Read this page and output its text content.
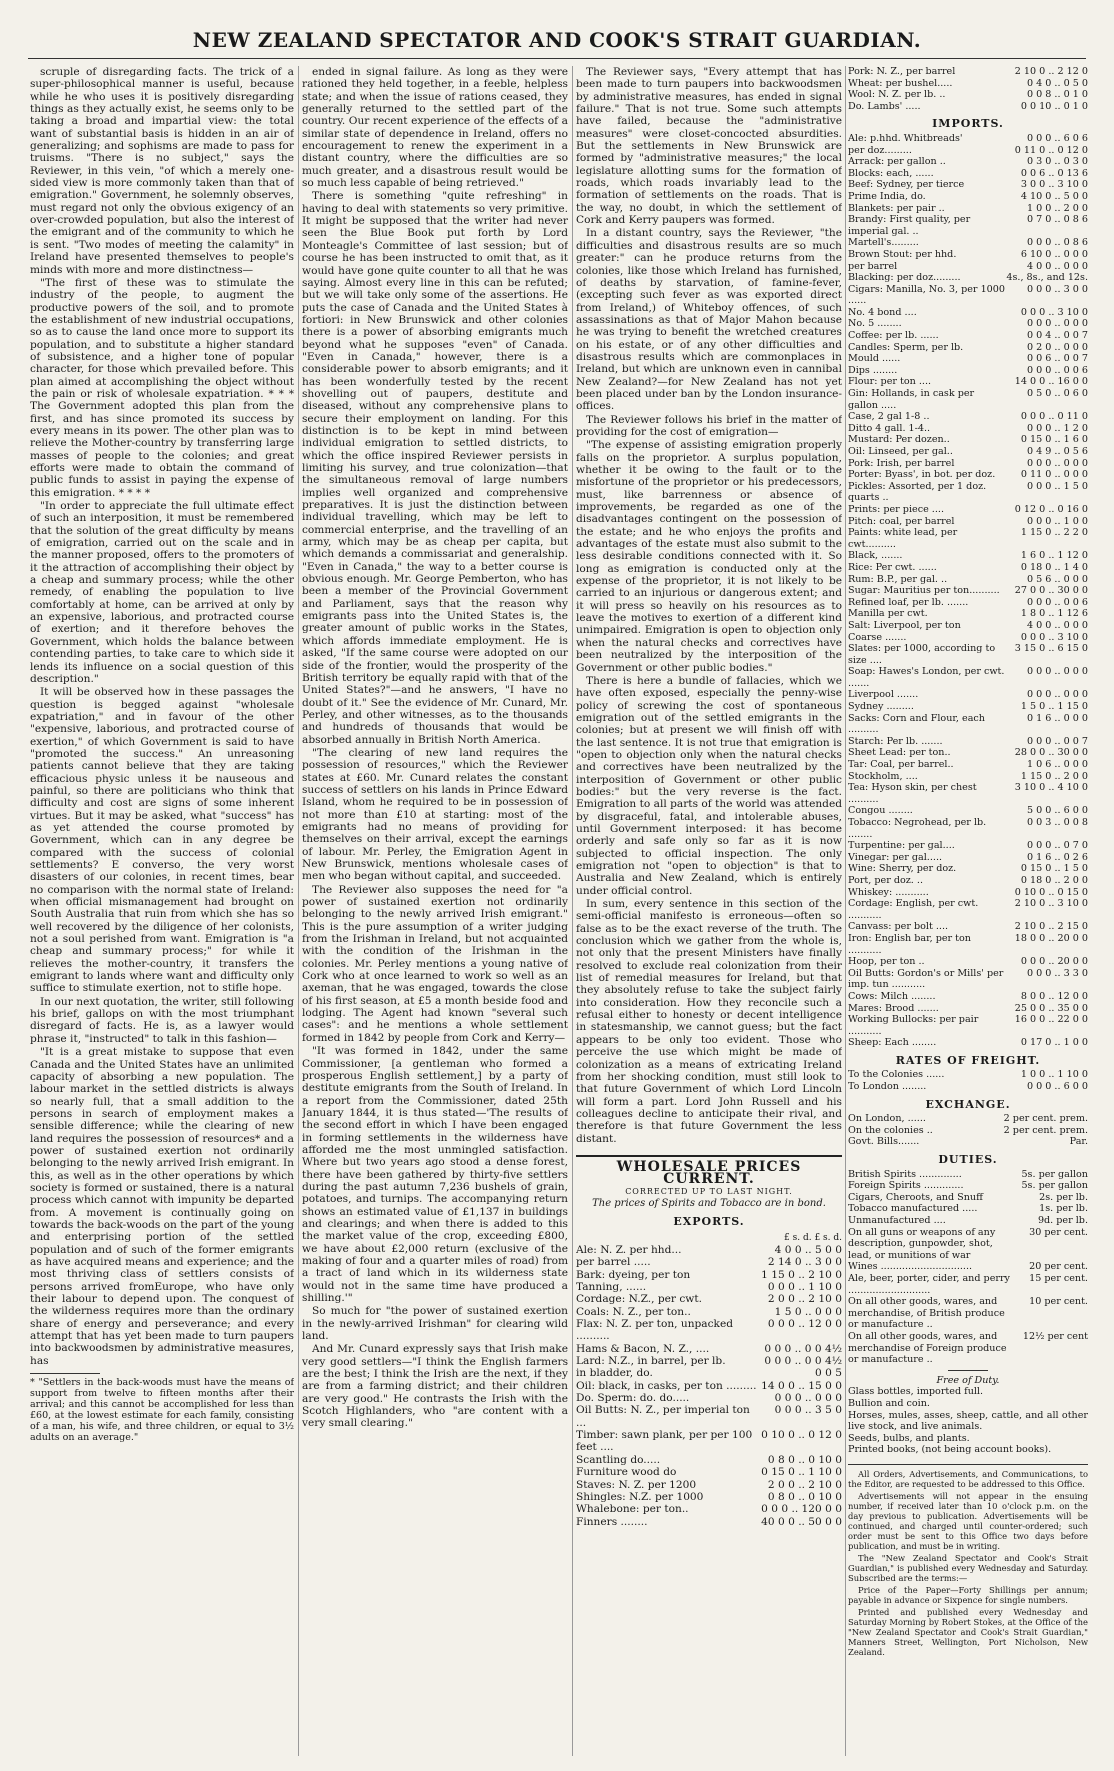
NEW ZEALAND SPECTATOR AND COOK'S STRAIT GUARDIAN.

scruple of disregarding facts. The trick of a super-philosophical manner is useful, because while he who uses it is positively disregarding things as they actually exist, he seems only to be taking a broad and impartial view: the total want of substantial basis is hidden in an air of generalizing; and sophisms are made to pass for truisms. "There is no subject," says the Reviewer, in this vein, "of which a merely one-sided view is more commonly taken than that of emigration." Government, he solemnly observes, must regard not only the obvious exigency of an over-crowded population, but also the interest of the emigrant and of the community to which he is sent. "Two modes of meeting the calamity" in Ireland have presented themselves to people's minds with more and more distinctness—

"The first of these was to stimulate the industry of the people, to augment the productive powers of the soil, and to promote the establishment of new industrial occupations, so as to cause the land once more to support its population, and to substitute a higher standard of subsistence, and a higher tone of popular character, for those which prevailed before. This plan aimed at accomplishing the object without the pain or risk of wholesale expatriation. * * * The Government adopted this plan from the first, and has since promoted its success by every means in its power. The other plan was to relieve the Mother-country by transferring large masses of people to the colonies; and great efforts were made to obtain the command of public funds to assist in paying the expense of this emigration. * * * *

"In order to appreciate the full ultimate effect of such an interposition, it must be remembered that the solution of the great difficulty by means of emigration, carried out on the scale and in the manner proposed, offers to the promoters of it the attraction of accomplishing their object by a cheap and summary process; while the other remedy, of enabling the population to live comfortably at home, can be arrived at only by an expensive, laborious, and protracted course of exertion; and it therefore behoves the Government, which holds the balance between contending parties, to take care to which side it lends its influence on a social question of this description."

It will be observed how in these passages the question is begged against "wholesale expatriation," and in favour of the other "expensive, laborious, and protracted course of exertion," of which Government is said to have "promoted the success." An unreasoning patients cannot believe that they are taking efficacious physic unless it be nauseous and painful, so there are politicians who think that difficulty and cost are signs of some inherent virtues. But it may be asked, what "success" has as yet attended the course promoted by Government, which can in any degree be compared with the success of colonial settlements? E converso, the very worst disasters of our colonies, in recent times, bear no comparison with the normal state of Ireland: when official mismanagement had brought on South Australia that ruin from which she has so well recovered by the diligence of her colonists, not a soul perished from want. Emigration is "a cheap and summary process;" for while it relieves the mother-country, it transfers the emigrant to lands where want and difficulty only suffice to stimulate exertion, not to stifle hope.

In our next quotation, the writer, still following his brief, gallops on with the most triumphant disregard of facts. He is, as a lawyer would phrase it, "instructed" to talk in this fashion—

"It is a great mistake to suppose that even Canada and the United States have an unlimited capacity of absorbing a new population. The labour market in the settled districts is always so nearly full, that a small addition to the persons in search of employment makes a sensible difference; while the clearing of new land requires the possession of resources* and a power of sustained exertion not ordinarily belonging to the newly arrived Irish emigrant. In this, as well as in the other operations by which society is formed or sustained, there is a natural process which cannot with impunity be departed from. A movement is continually going on towards the back-woods on the part of the young and enterprising portion of the settled population and of such of the former emigrants as have acquired means and experience; and the most thriving class of settlers consists of persons arrived fromEurope, who have only their labour to depend upon. The conquest of the wilderness requires more than the ordinary share of energy and perseverance; and every attempt that has yet been made to turn paupers into backwoodsmen by administrative measures, has

* "Settlers in the back-woods must have the means of support from twelve to fifteen months after their arrival; and this cannot be accomplished for less than £60, at the lowest estimate for each family, consisting of a man, his wife, and three children, or equal to 3½ adults on an average."

ended in signal failure. As long as they were rationed they held together, in a feeble, helpless state; and when the issue of rations ceased, they generally returned to the settled part of the country. Our recent experience of the effects of a similar state of dependence in Ireland, offers no encouragement to renew the experiment in a distant country, where the difficulties are so much greater, and a disastrous result would be so much less capable of being retrieved."

There is something "quite refreshing" in having to deal with statements so very primitive. It might be supposed that the writer had never seen the Blue Book put forth by Lord Monteagle's Committee of last session; but of course he has been instructed to omit that, as it would have gone quite counter to all that he was saying. Almost every line in this can be refuted; but we will take only some of the assertions. He puts the case of Canada and the United States à fortiori: in New Brunswick and other colonies there is a power of absorbing emigrants much beyond what he supposes "even" of Canada. "Even in Canada," however, there is a considerable power to absorb emigrants; and it has been wonderfully tested by the recent shovelling out of paupers, destitute and diseased, without any comprehensive plans to secure their employment on landing. For this distinction is to be kept in mind between individual emigration to settled districts, to which the office inspired Reviewer persists in limiting his survey, and true colonization—that the simultaneous removal of large numbers implies well organized and comprehensive preparatives. It is just the distinction between individual travelling, which may be left to commercial enterprise, and the travelling of an army, which may be as cheap per capita, but which demands a commissariat and generalship. "Even in Canada," the way to a better course is obvious enough. Mr. George Pemberton, who has been a member of the Provincial Government and Parliament, says that the reason why emigrants pass into the United States is, the greater amount of public works in the States, which affords immediate employment. He is asked, "If the same course were adopted on our side of the frontier, would the prosperity of the British territory be equally rapid with that of the United States?"—and he answers, "I have no doubt of it." See the evidence of Mr. Cunard, Mr. Perley, and other witnesses, as to the thousands and hundreds of thousands that would be absorbed annually in British North America.

"The clearing of new land requires the possession of resources," which the Reviewer states at £60. Mr. Cunard relates the constant success of settlers on his lands in Prince Edward Island, whom he required to be in possession of not more than £10 at starting: most of the emigrants had no means of providing for themselves on their arrival, except the earnings of labour. Mr. Perley, the Emigration Agent in New Brunswick, mentions wholesale cases of men who began without capital, and succeeded.

The Reviewer also supposes the need for "a power of sustained exertion not ordinarily belonging to the newly arrived Irish emigrant." This is the pure assumption of a writer judging from the Irishman in Ireland, but not acquainted with the condition of the Irishman in the colonies. Mr. Perley mentions a young native of Cork who at once learned to work so well as an axeman, that he was engaged, towards the close of his first season, at £5 a month beside food and lodging. The Agent had known "several such cases": and he mentions a whole settlement formed in 1842 by people from Cork and Kerry—

"It was formed in 1842, under the same Commissioner, [a gentleman who formed a prosperous English settlement,] by a party of destitute emigrants from the South of Ireland. In a report from the Commissioner, dated 25th January 1844, it is thus stated—'The results of the second effort in which I have been engaged in forming settlements in the wilderness have afforded me the most unmingled satisfaction. Where but two years ago stood a dense forest, there have been gathered by thirty-five settlers during the past autumn 7,236 bushels of grain, potatoes, and turnips. The accompanying return shows an estimated value of £1,137 in buildings and clearings; and when there is added to this the market value of the crop, exceeding £800, we have about £2,000 return (exclusive of the making of four and a quarter miles of road) from a tract of land which in its wilderness state would not in the same time have produced a shilling.'"

So much for "the power of sustained exertion in the newly-arrived Irishman" for clearing wild land.

And Mr. Cunard expressly says that Irish make very good settlers—"I think the English farmers are the best; I think the Irish are the next, if they are from a farming district; and their children are very good." He contrasts the Irish with the Scotch Highlanders, who "are content with a very small clearing."

The Reviewer says, "Every attempt that has been made to turn paupers into backwoodsmen by administrative measures, has ended in signal failure." That is not true. Some such attempts have failed, because the "administrative measures" were closet-concocted absurdities. But the settlements in New Brunswick are formed by "administrative measures;" the local legislature allotting sums for the formation of roads, which roads invariably lead to the formation of settlements on the roads. That is the way, no doubt, in which the settlement of Cork and Kerry paupers was formed.

In a distant country, says the Reviewer, "the difficulties and disastrous results are so much greater:" can he produce returns from the colonies, like those which Ireland has furnished, of deaths by starvation, of famine-fever, (excepting such fever as was exported direct from Ireland,) of Whiteboy offences, of such assassinations as that of Major Mahon because he was trying to benefit the wretched creatures on his estate, or of any other difficulties and disastrous results which are commonplaces in Ireland, but which are unknown even in cannibal New Zealand?—for New Zealand has not yet been placed under ban by the London insurance-offices.

The Reviewer follows his brief in the matter of providing for the cost of emigration—

"The expense of assisting emigration properly falls on the proprietor. A surplus population, whether it be owing to the fault or to the misfortune of the proprietor or his predecessors, must, like barrenness or absence of improvements, be regarded as one of the disadvantages contingent on the possession of the estate; and he who enjoys the profits and advantages of the estate must also submit to the less desirable conditions connected with it. So long as emigration is conducted only at the expense of the proprietor, it is not likely to be carried to an injurious or dangerous extent; and it will press so heavily on his resources as to leave the motives to exertion of a different kind unimpaired. Emigration is open to objection only when the natural checks and correctives have been neutralized by the interposition of the Government or other public bodies."

There is here a bundle of fallacies, which we have often exposed, especially the penny-wise policy of screwing the cost of spontaneous emigration out of the settled emigrants in the colonies; but at present we will finish off with the last sentence. It is not true that emigration is "open to objection only when the natural checks and correctives have been neutralized by the interposition of Government or other public bodies:" but the very reverse is the fact. Emigration to all parts of the world was attended by disgraceful, fatal, and intolerable abuses, until Government interposed: it has become orderly and safe only so far as it is now subjected to official inspection. The only emigration not "open to objection" is that to Australia and New Zealand, which is entirely under official control.

In sum, every sentence in this section of the semi-official manifesto is erroneous—often so false as to be the exact reverse of the truth. The conclusion which we gather from the whole is, not only that the present Ministers have finally resolved to exclude real colonization from their list of remedial measures for Ireland, but that they absolutely refuse to take the subject fairly into consideration. How they reconcile such a refusal either to honesty or decent intelligence in statesmanship, we cannot guess; but the fact appears to be only too evident. Those who perceive the use which might be made of colonization as a means of extricating Ireland from her shocking condition, must still look to that future Government of which Lord Lincoln will form a part. Lord John Russell and his colleagues decline to anticipate their rival, and therefore is that future Government the less distant.

WHOLESALE PRICES CURRENT.
CORRECTED UP TO LAST NIGHT.
The prices of Spirits and Tobacco are in bond.
EXPORTS.
£ s. d. £ s. d.
Ale: N. Z. per hhd...	4 0 0 .. 5 0 0
per barrel .....	2 14 0 .. 3 0 0
Bark: dyeing, per ton	1 15 0 .. 2 10 0
Tanning, ......	0 0 0 .. 1 10 0
Cordage: N.Z., per cwt.	2 0 0 .. 2 10 0
Coals: N. Z., per ton..	1 5 0 .. 0 0 0
Flax: N. Z. per ton, unpacked ..........	0 0 0 .. 12 0 0
Hams & Bacon, N. Z., ....	0 0 0 .. 0 0 4½
Lard: N.Z., in barrel, per lb.	0 0 0 .. 0 0 4½
in bladder, do.	0 0 5
Oil: black, in casks, per ton .........	14 0 0 .. 15 0 0
Do. Sperm: do. do.....	0 0 0 .. 0 0 0
Oil Butts: N. Z., per imperial ton ...	0 0 0 .. 3 5 0
Timber: sawn plank, per per 100 feet ....	0 10 0 .. 0 12 0
Scantling do.....	0 8 0 .. 0 10 0
Furniture wood do	0 15 0 .. 1 10 0
Staves: N. Z. per 1200	2 0 0 .. 2 10 0
Shingles: N.Z. per 1000	0 8 0 .. 0 10 0
Whalebone: per ton..	0 0 0 .. 120 0 0
Finners ........	40 0 0 .. 50 0 0
Pork: N. Z., per barrel	2 10 0 .. 2 12 0
Wheat: per bushel.....	0 4 0 .. 0 5 0
Wool: N. Z. per lb. ..	0 0 8 .. 0 1 0
Do. Lambs' .....	0 0 10 .. 0 1 0
IMPORTS.
Ale: p.hhd. Whitbreads'	0 0 0 .. 6 0 6
per doz.........	0 11 0 .. 0 12 0
Arrack: per gallon ..	0 3 0 .. 0 3 0
Blocks: each, ......	0 0 6 .. 0 13 6
Beef: Sydney, per tierce	3 0 0 .. 3 10 0
Prime India, do.	4 10 0 .. 5 0 0
Blankets: per pair ..	1 0 0 .. 2 0 0
Brandy: First quality, per imperial gal. ..	0 7 0 .. 0 8 6
Martell's.........	0 0 0 .. 0 8 6
Brown Stout: per hhd.	6 10 0 .. 0 0 0
per barrel	4 0 0 .. 0 0 0
Blacking: per doz.........	4s., 8s., and 12s.
Cigars: Manilla, No. 3, per 1000 ......	0 0 0 .. 3 0 0
No. 4 bond ....	0 0 0 .. 3 10 0
No. 5 ........	0 0 0 .. 0 0 0
Coffee: per lb. ......	0 0 4 .. 0 0 7
Candles: Sperm, per lb.	0 2 0 .. 0 0 0
Mould ......	0 0 6 .. 0 0 7
Dips ........	0 0 0 .. 0 0 6
Flour: per ton ....	14 0 0 .. 16 0 0
Gin: Hollands, in cask per gallon .....	0 5 0 .. 0 6 0
Case, 2 gal 1-8 ..	0 0 0 .. 0 11 0
Ditto 4 gall. 1-4..	0 0 0 .. 1 2 0
Mustard: Per dozen..	0 15 0 .. 1 6 0
Oil: Linseed, per gal..	0 4 9 .. 0 5 6
Pork: Irish, per barrel	0 0 0 .. 0 0 0
Porter: Byass', in bot. per doz.	0 11 0 .. 0 0 0
Pickles: Assorted, per 1 doz. quarts ..	0 0 0 .. 1 5 0
Prints: per piece ....	0 12 0 .. 0 16 0
Pitch: coal, per barrel	0 0 0 .. 1 0 0
Paints: white lead, per cwt..........	1 15 0 .. 2 2 0
Black, .......	1 6 0 .. 1 12 0
Rice: Per cwt. ......	0 18 0 .. 1 4 0
Rum: B.P., per gal. ..	0 5 6 .. 0 0 0
Sugar: Mauritius per ton..........	27 0 0 .. 30 0 0
Refined loaf, per lb. .......	0 0 0 .. 0 0 6
Manilla per cwt.	1 8 0 .. 1 12 6
Salt: Liverpool, per ton	4 0 0 .. 0 0 0
Coarse .......	0 0 0 .. 3 10 0
Slates: per 1000, according to size ....	3 15 0 .. 6 15 0
Soap: Hawes's London, per cwt. .......	0 0 0 .. 0 0 0
Liverpool .......	0 0 0 .. 0 0 0
Sydney .........	1 5 0 .. 1 15 0
Sacks: Corn and Flour, each ..........	0 1 6 .. 0 0 0
Starch: Per lb. .......	0 0 0 .. 0 0 7
Sheet Lead: per ton..	28 0 0 .. 30 0 0
Tar: Coal, per barrel..	1 0 6 .. 0 0 0
Stockholm, ....	1 15 0 .. 2 0 0
Tea: Hyson skin, per chest ..........	3 10 0 .. 4 10 0
Congou ........	5 0 0 .. 6 0 0
Tobacco: Negrohead, per lb. ........	0 0 3 .. 0 0 8
Turpentine: per gal....	0 0 0 .. 0 7 0
Vinegar: per gal.....	0 1 6 .. 0 2 6
Wine: Sherry, per doz.	0 15 0 .. 1 5 0
Port, per doz. ..	0 18 0 .. 2 0 0
Whiskey: ...........	0 10 0 .. 0 15 0
Cordage: English, per cwt. ...........	2 10 0 .. 3 10 0
Canvass: per bolt ....	2 10 0 .. 2 15 0
Iron: English bar, per ton ...........	18 0 0 .. 20 0 0
Hoop, per ton ..	0 0 0 .. 20 0 0
Oil Butts: Gordon's or Mills' per imp. tun ...........	0 0 0 .. 3 3 0
Cows: Milch ........	8 0 0 .. 12 0 0
Mares: Brood .......	25 0 0 .. 35 0 0
Working Bullocks: per pair ...........	16 0 0 .. 22 0 0
Sheep: Each ........	0 17 0 .. 1 0 0
RATES OF FREIGHT.
To the Colonies ......	1 0 0 .. 1 10 0
To London ........	0 0 0 .. 6 0 0
EXCHANGE.
On London, ......	2 per cent. prem.
On the colonies ..	2 per cent. prem.
Govt. Bills.......	Par.
DUTIES.
British Spirits ..............	5s. per gallon
Foreign Spirits .............	5s. per gallon
Cigars, Cheroots, and Snuff	2s. per lb.
Tobacco manufactured .....	1s. per lb.
Unmanufactured ....	9d. per lb.
On all guns or weapons of any description, gunpowder, shot, lead, or munitions of war	30 per cent.
Wines ..............................	20 per cent.
Ale, beer, porter, cider, and perry ...........................	15 per cent.
On all other goods, wares, and merchandise, of British produce or manufacture ..	10 per cent.
On all other goods, wares, and merchandise of Foreign produce or manufacture ..	12½ per cent
Free of Duty.
Glass bottles, imported full.
Bullion and coin.
Horses, mules, asses, sheep, cattle, and all other live stock, and live animals.
Seeds, bulbs, and plants.
Printed books, (not being account books).

All Orders, Advertisements, and Communications, to the Editor, are requested to be addressed to this Office.

Advertisements will not appear in the ensuing number, if received later than 10 o'clock p.m. on the day previous to publication. Advertisements will be continued, and charged until counter-ordered; such order must be sent to this Office two days before publication, and must be in writing.

The "New Zealand Spectator and Cook's Strait Guardian," is published every Wednesday and Saturday. Subscribed are the terms:—

Price of the Paper—Forty Shillings per annum; payable in advance or Sixpence for single numbers.

Printed and published every Wednesday and Saturday Morning by Robert Stokes, at the Office of the "New Zealand Spectator and Cook's Strait Guardian," Manners Street, Wellington, Port Nicholson, New Zealand.
